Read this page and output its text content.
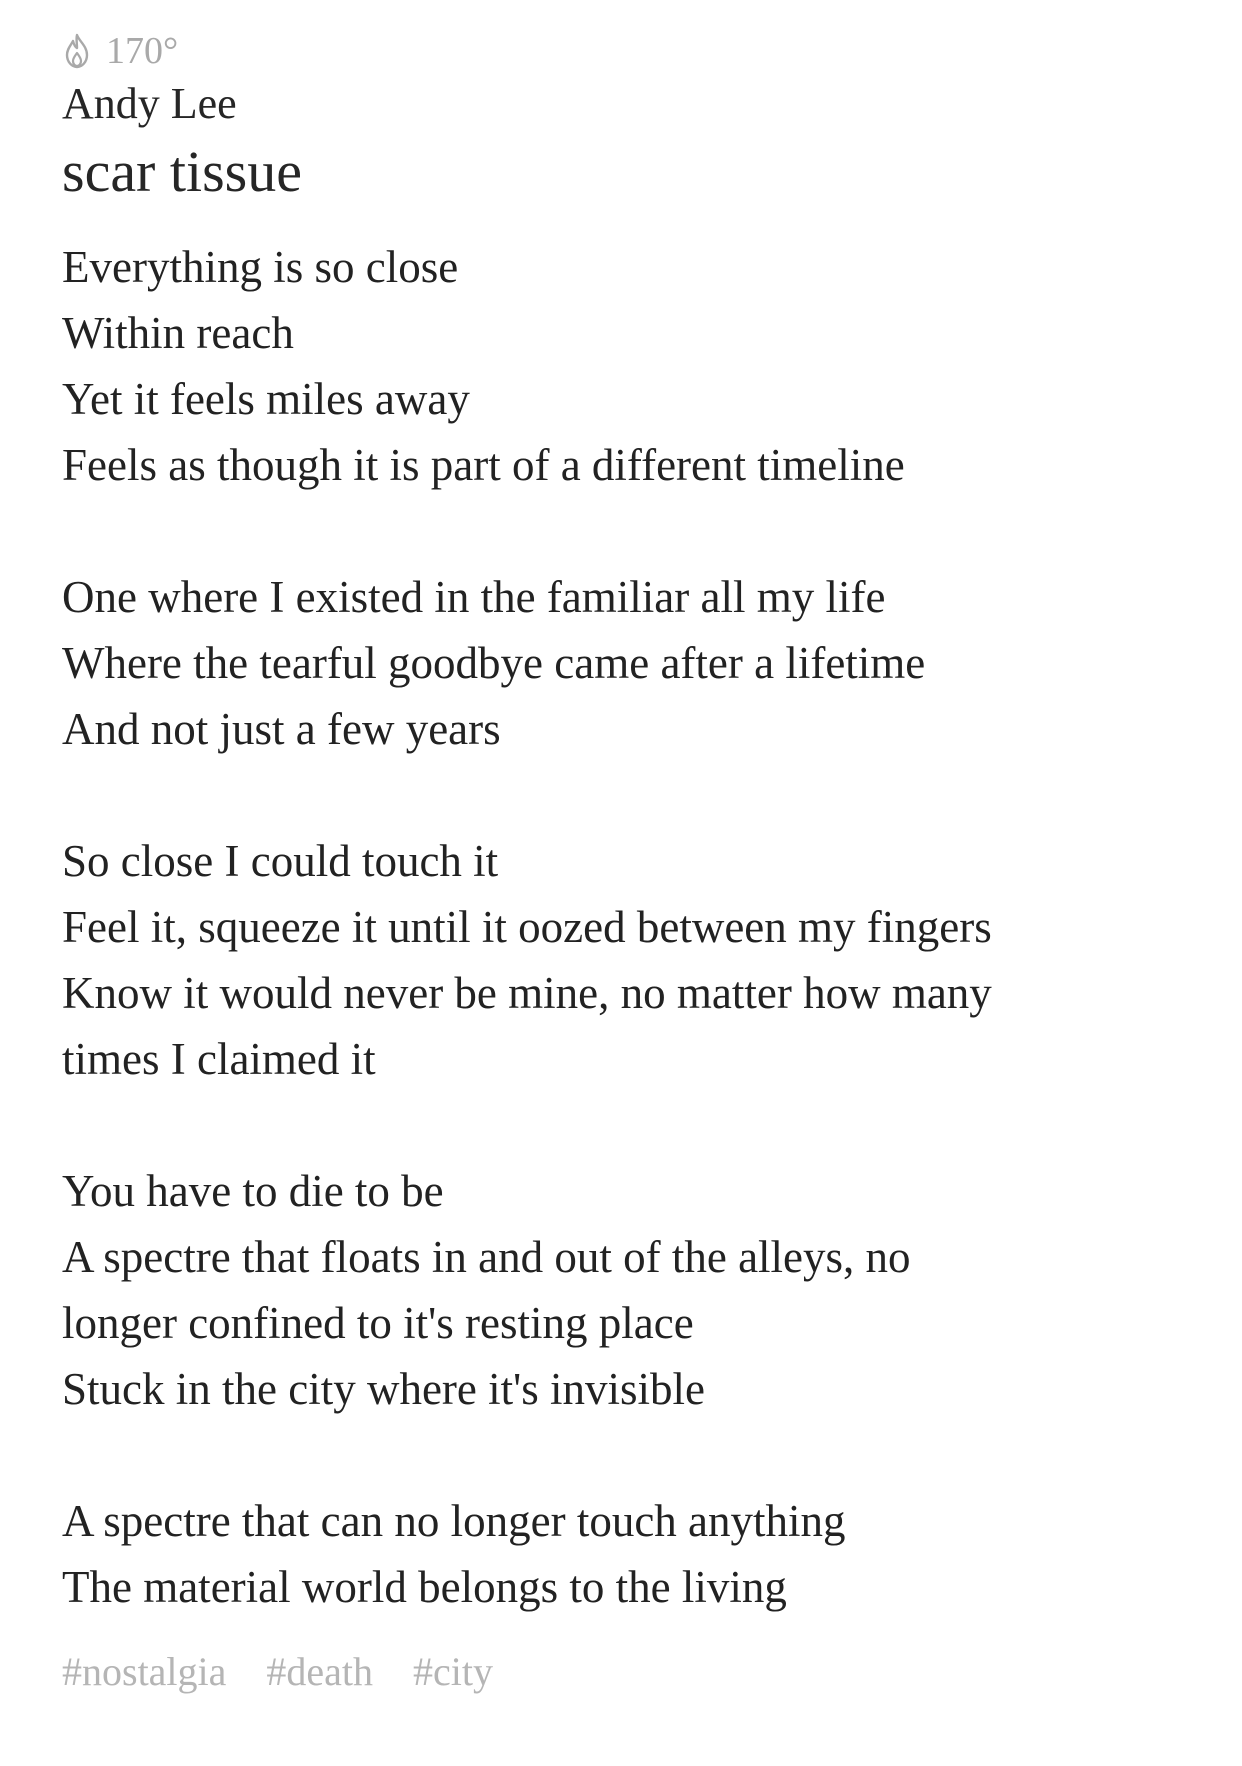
170°
Andy Lee
scar tissue
Everything is so close
Within reach
Yet it feels miles away
Feels as though it is part of a different timeline
One where I existed in the familiar all my life
Where the tearful goodbye came after a lifetime
And not just a few years
So close I could touch it
Feel it, squeeze it until it oozed between my fingers
Know it would never be mine, no matter how many
times I claimed it
You have to die to be
A spectre that floats in and out of the alleys, no
longer confined to it's resting place
Stuck in the city where it's invisible
A spectre that can no longer touch anything
The material world belongs to the living
#nostalgia #death #city
